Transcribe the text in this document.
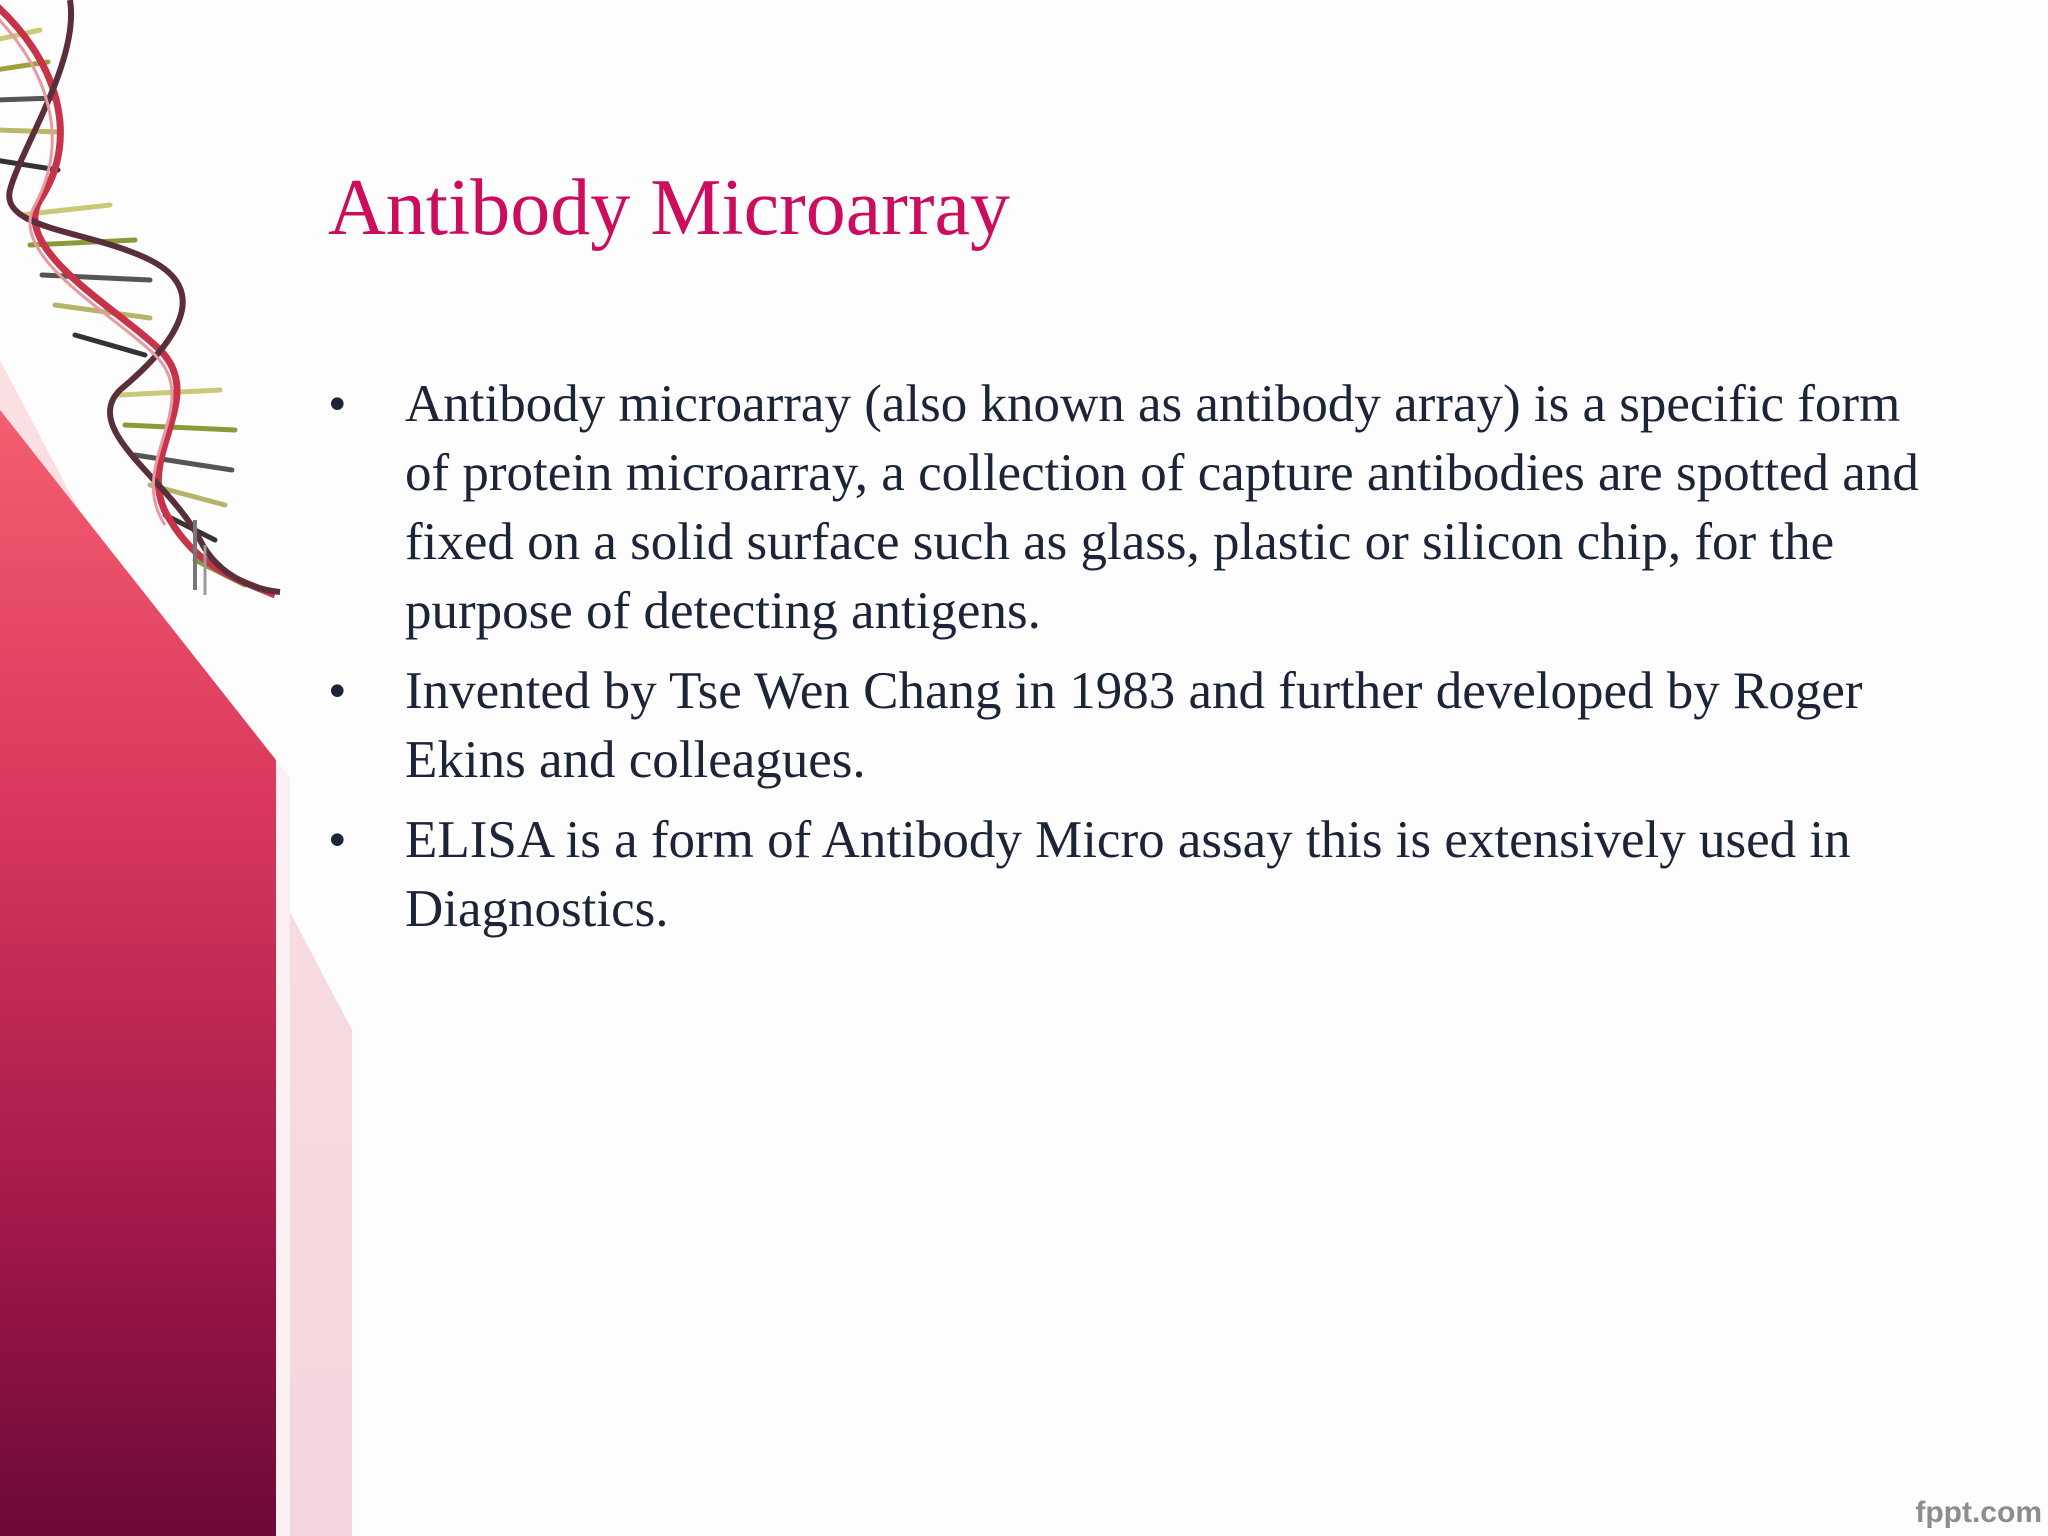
Antibody Microarray
•	Antibody microarray (also known as antibody array) is a specific form of protein microarray, a collection of capture antibodies are spotted and fixed on a solid surface such as glass, plastic or silicon chip, for the purpose of detecting antigens.
•	Invented by Tse Wen Chang in 1983 and further developed by Roger Ekins and colleagues.
•	ELISA is a form of Antibody Micro assay this is extensively used in Diagnostics.
fppt.com
